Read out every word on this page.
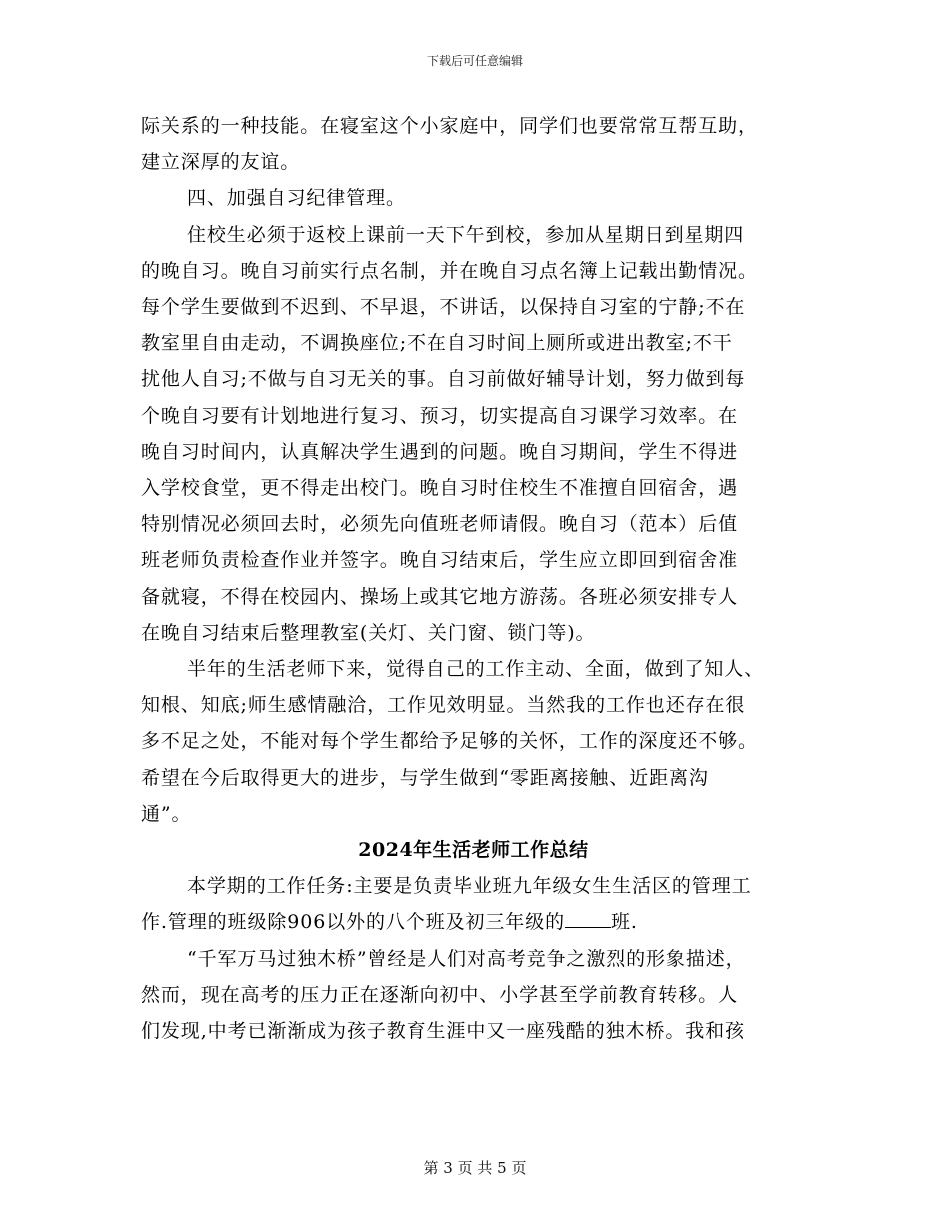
下载后可任意编辑
际关系的一种技能。在寝室这个小家庭中，同学们也要常常互帮互助，
建立深厚的友谊。
四、加强自习纪律管理。
住校生必须于返校上课前一天下午到校，参加从星期日到星期四
的晚自习。晚自习前实行点名制，并在晚自习点名簿上记载出勤情况。
每个学生要做到不迟到、不早退，不讲话，以保持自习室的宁静;不在
教室里自由走动，不调换座位;不在自习时间上厕所或进出教室;不干
扰他人自习;不做与自习无关的事。自习前做好辅导计划，努力做到每
个晚自习要有计划地进行复习、预习，切实提高自习课学习效率。在
晚自习时间内，认真解决学生遇到的问题。晚自习期间，学生不得进
入学校食堂，更不得走出校门。晚自习时住校生不准擅自回宿舍，遇
特别情况必须回去时，必须先向值班老师请假。晚自习（范本）后值
班老师负责检查作业并签字。晚自习结束后，学生应立即回到宿舍准
备就寝，不得在校园内、操场上或其它地方游荡。各班必须安排专人
在晚自习结束后整理教室(关灯、关门窗、锁门等)。
半年的生活老师下来，觉得自己的工作主动、全面，做到了知人、
知根、知底;师生感情融洽，工作见效明显。当然我的工作也还存在很
多不足之处，不能对每个学生都给予足够的关怀，工作的深度还不够。
希望在今后取得更大的进步，与学生做到“零距离接触、近距离沟
通”。
2024年生活老师工作总结
本学期的工作任务:主要是负责毕业班九年级女生生活区的管理工
作.管理的班级除906以外的八个班及初三年级的 班.
“千军万马过独木桥”曾经是人们对高考竞争之激烈的形象描述，
然而，现在高考的压力正在逐渐向初中、小学甚至学前教育转移。人
们发现,中考已渐渐成为孩子教育生涯中又一座残酷的独木桥。我和孩
第 3 页 共 5 页
